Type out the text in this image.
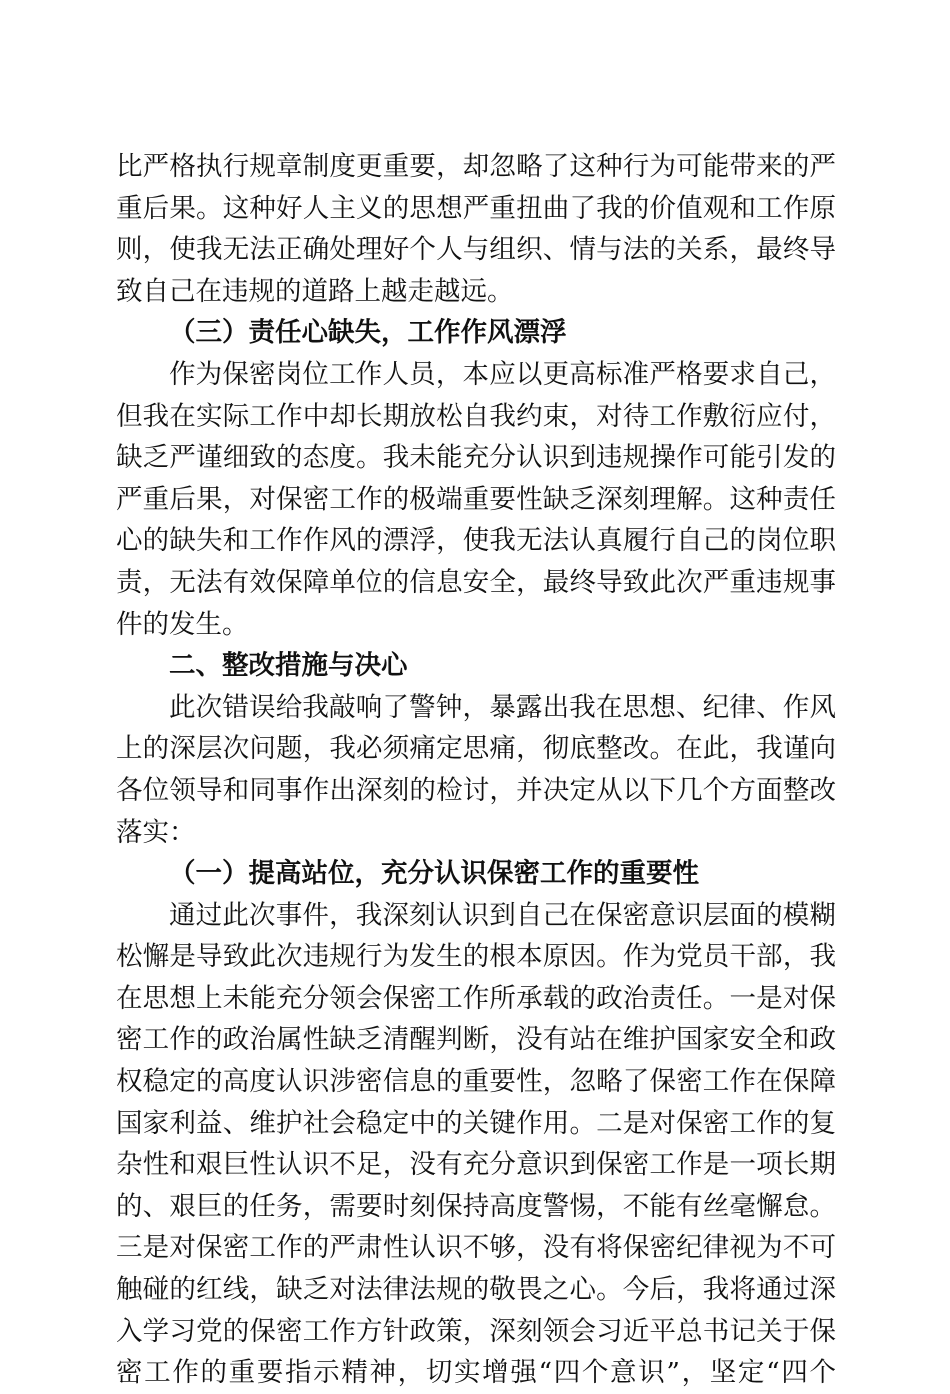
比严格执行规章制度更重要，却忽略了这种行为可能带来的严
重后果。这种好人主义的思想严重扭曲了我的价值观和工作原
则，使我无法正确处理好个人与组织、情与法的关系，最终导
致自己在违规的道路上越走越远。
（三）责任心缺失，工作作风漂浮
作为保密岗位工作人员，本应以更高标准严格要求自己，
但我在实际工作中却长期放松自我约束，对待工作敷衍应付，
缺乏严谨细致的态度。我未能充分认识到违规操作可能引发的
严重后果，对保密工作的极端重要性缺乏深刻理解。这种责任
心的缺失和工作作风的漂浮，使我无法认真履行自己的岗位职
责，无法有效保障单位的信息安全，最终导致此次严重违规事
件的发生。
二、整改措施与决心
此次错误给我敲响了警钟，暴露出我在思想、纪律、作风
上的深层次问题，我必须痛定思痛，彻底整改。在此，我谨向
各位领导和同事作出深刻的检讨，并决定从以下几个方面整改
落实：
（一）提高站位，充分认识保密工作的重要性
通过此次事件，我深刻认识到自己在保密意识层面的模糊
松懈是导致此次违规行为发生的根本原因。作为党员干部，我
在思想上未能充分领会保密工作所承载的政治责任。一是对保
密工作的政治属性缺乏清醒判断，没有站在维护国家安全和政
权稳定的高度认识涉密信息的重要性，忽略了保密工作在保障
国家利益、维护社会稳定中的关键作用。二是对保密工作的复
杂性和艰巨性认识不足，没有充分意识到保密工作是一项长期
的、艰巨的任务，需要时刻保持高度警惕，不能有丝毫懈怠。
三是对保密工作的严肃性认识不够，没有将保密纪律视为不可
触碰的红线，缺乏对法律法规的敬畏之心。今后，我将通过深
入学习党的保密工作方针政策，深刻领会习近平总书记关于保
密工作的重要指示精神，切实增强“四个意识”，坚定“四个
